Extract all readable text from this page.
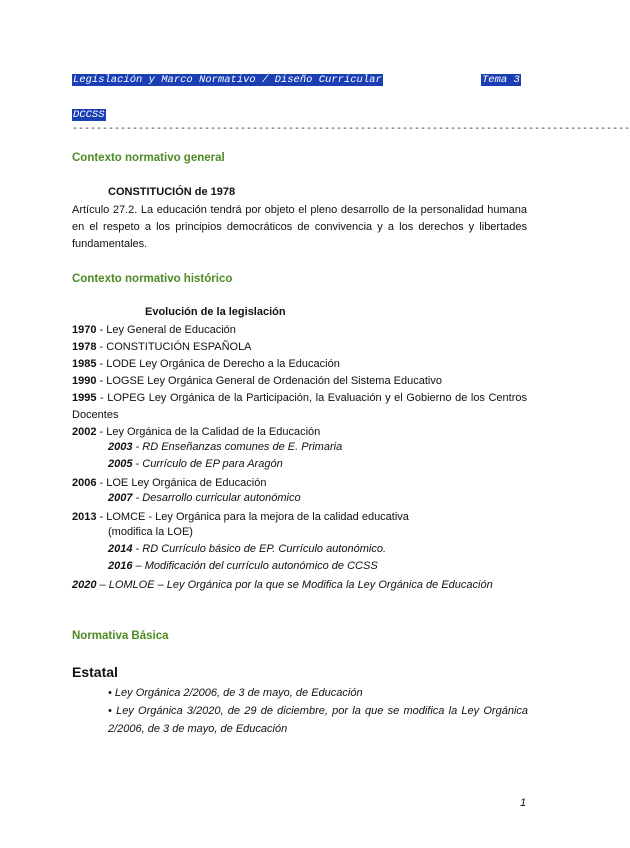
Legislación y Marco Normativo / Diseño Curricular	Tema 3
DCCSS
---------------------------------------------------------------------------------------------
Contexto normativo general
CONSTITUCIÓN de 1978
Artículo 27.2. La educación tendrá por objeto el pleno desarrollo de la personalidad humana en el respeto a los principios democráticos de convivencia y a los derechos y libertades fundamentales.
Contexto normativo histórico
Evolución de la legislación
1970 - Ley General de Educación
1978 - CONSTITUCIÓN ESPAÑOLA
1985 - LODE Ley Orgánica de Derecho a la Educación
1990 - LOGSE Ley Orgánica General de Ordenación del Sistema Educativo
1995 - LOPEG Ley Orgánica de la Participación, la Evaluación y el Gobierno de los Centros Docentes
2002 - Ley Orgánica de la Calidad de la Educación
2003 - RD Enseñanzas comunes de E. Primaria
2005 - Currículo de EP para Aragón
2006 - LOE Ley Orgánica de Educación
2007 - Desarrollo curricular autonómico
2013 - LOMCE - Ley Orgánica para la mejora de la calidad educativa
(modifica la LOE)
2014 - RD Currículo básico de EP. Currículo autonómico.
2016 – Modificación del currículo autonómico de CCSS
2020 – LOMLOE – Ley Orgánica por la que se Modifica la Ley Orgánica de Educación
Normativa Básica
Estatal
• Ley Orgánica 2/2006, de 3 de mayo, de Educación
• Ley Orgánica 3/2020, de 29 de diciembre, por la que se modifica la Ley Orgánica 2/2006, de 3 de mayo, de Educación
1
